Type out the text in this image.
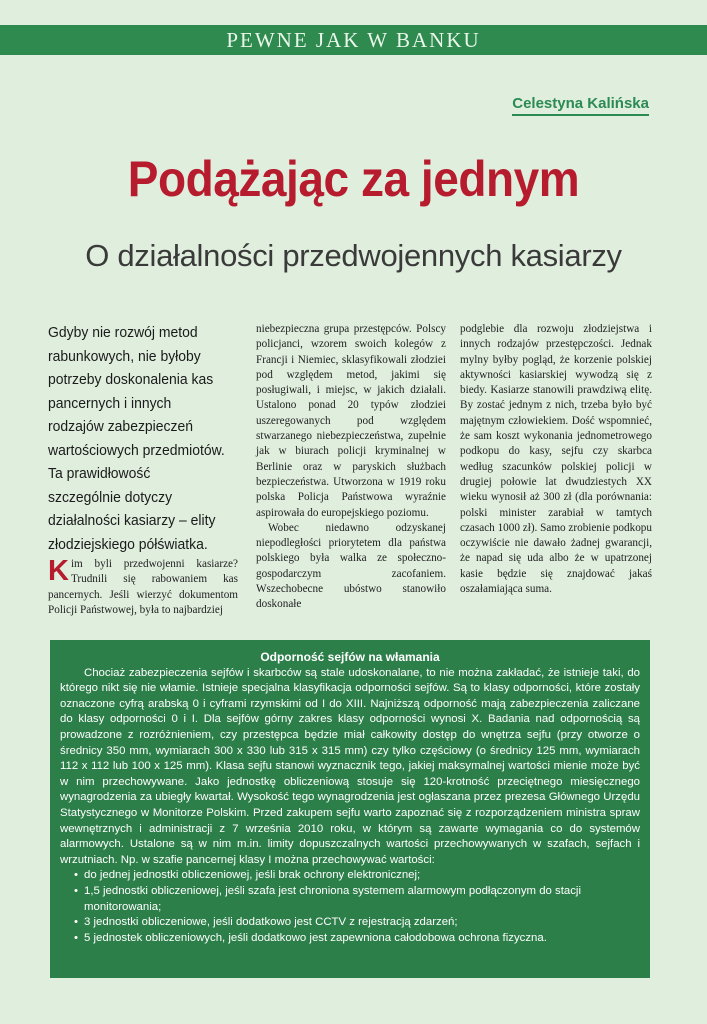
PEWNE JAK W BANKU
Celestyna Kalińska
Podążając za jednym
O działalności przedwojennych kasiarzy

Gdyby nie rozwój metod rabunkowych, nie byłoby potrzeby doskonalenia kas pancernych i innych rodzajów zabezpieczeń wartościowych przedmiotów. Ta prawidłowość szczególnie dotyczy działalności kasiarzy – elity złodziejskiego półświatka.

Kim byli przedwojenni kasiarze? Trudnili się rabowaniem kas pancernych. Jeśli wierzyć dokumentom Policji Państwowej, była to najbardziej

niebezpieczna grupa przestępców. Polscy policjanci, wzorem swoich kolegów z Francji i Niemiec, sklasyfikowali złodziei pod względem metod, jakimi się posługiwali, i miejsc, w jakich działali. Ustalono ponad 20 typów złodziei uszeregowanych pod względem stwarzanego niebezpieczeństwa, zupełnie jak w biurach policji kryminalnej w Berlinie oraz w paryskich służbach bezpieczeństwa. Utworzona w 1919 roku polska Policja Państwowa wyraźnie aspirowała do europejskiego poziomu.

Wobec niedawno odzyskanej niepodległości priorytetem dla państwa polskiego była walka ze społeczno-gospodarczym zacofaniem. Wszechobecne ubóstwo stanowiło doskonałe

podglebie dla rozwoju złodziejstwa i innych rodzajów przestępczości. Jednak mylny byłby pogląd, że korzenie polskiej aktywności kasiarskiej wywodzą się z biedy. Kasiarze stanowili prawdziwą elitę. By zostać jednym z nich, trzeba było być majętnym człowiekiem. Dość wspomnieć, że sam koszt wykonania jednometrowego podkopu do kasy, sejfu czy skarbca według szacunków polskiej policji w drugiej połowie lat dwudziestych XX wieku wynosił aż 300 zł (dla porównania: polski minister zarabiał w tamtych czasach 1000 zł). Samo zrobienie podkopu oczywiście nie dawało żadnej gwarancji, że napad się uda albo że w upatrzonej kasie będzie się znajdować jakaś oszałamiająca suma.

Odporność sejfów na włamania

Chociaż zabezpieczenia sejfów i skarbców są stale udoskonalane, to nie można zakładać, że istnieje taki, do którego nikt się nie włamie. Istnieje specjalna klasyfikacja odporności sejfów. Są to klasy odporności, które zostały oznaczone cyfrą arabską 0 i cyframi rzymskimi od I do XIII. Najniższą odporność mają zabezpieczenia zaliczane do klasy odporności 0 i I. Dla sejfów górny zakres klasy odporności wynosi X. Badania nad odpornością są prowadzone z rozróżnieniem, czy przestępca będzie miał całkowity dostęp do wnętrza sejfu (przy otworze o średnicy 350 mm, wymiarach 300 x 330 lub 315 x 315 mm) czy tylko częściowy (o średnicy 125 mm, wymiarach 112 x 112 lub 100 x 125 mm). Klasa sejfu stanowi wyznacznik tego, jakiej maksymalnej wartości mienie może być w nim przechowywane. Jako jednostkę obliczeniową stosuje się 120-krotność przeciętnego miesięcznego wynagrodzenia za ubiegły kwartał. Wysokość tego wynagrodzenia jest ogłaszana przez prezesa Głównego Urzędu Statystycznego w Monitorze Polskim. Przed zakupem sejfu warto zapoznać się z rozporządzeniem ministra spraw wewnętrznych i administracji z 7 września 2010 roku, w którym są zawarte wymagania co do systemów alarmowych. Ustalone są w nim m.in. limity dopuszczalnych wartości przechowywanych w szafach, sejfach i wrzutniach. Np. w szafie pancernej klasy I można przechowywać wartości:

• do jednej jednostki obliczeniowej, jeśli brak ochrony elektronicznej;
• 1,5 jednostki obliczeniowej, jeśli szafa jest chroniona systemem alarmowym podłączonym do stacji monitorowania;
• 3 jednostki obliczeniowe, jeśli dodatkowo jest CCTV z rejestracją zdarzeń;
• 5 jednostek obliczeniowych, jeśli dodatkowo jest zapewniona całodobowa ochrona fizyczna.
